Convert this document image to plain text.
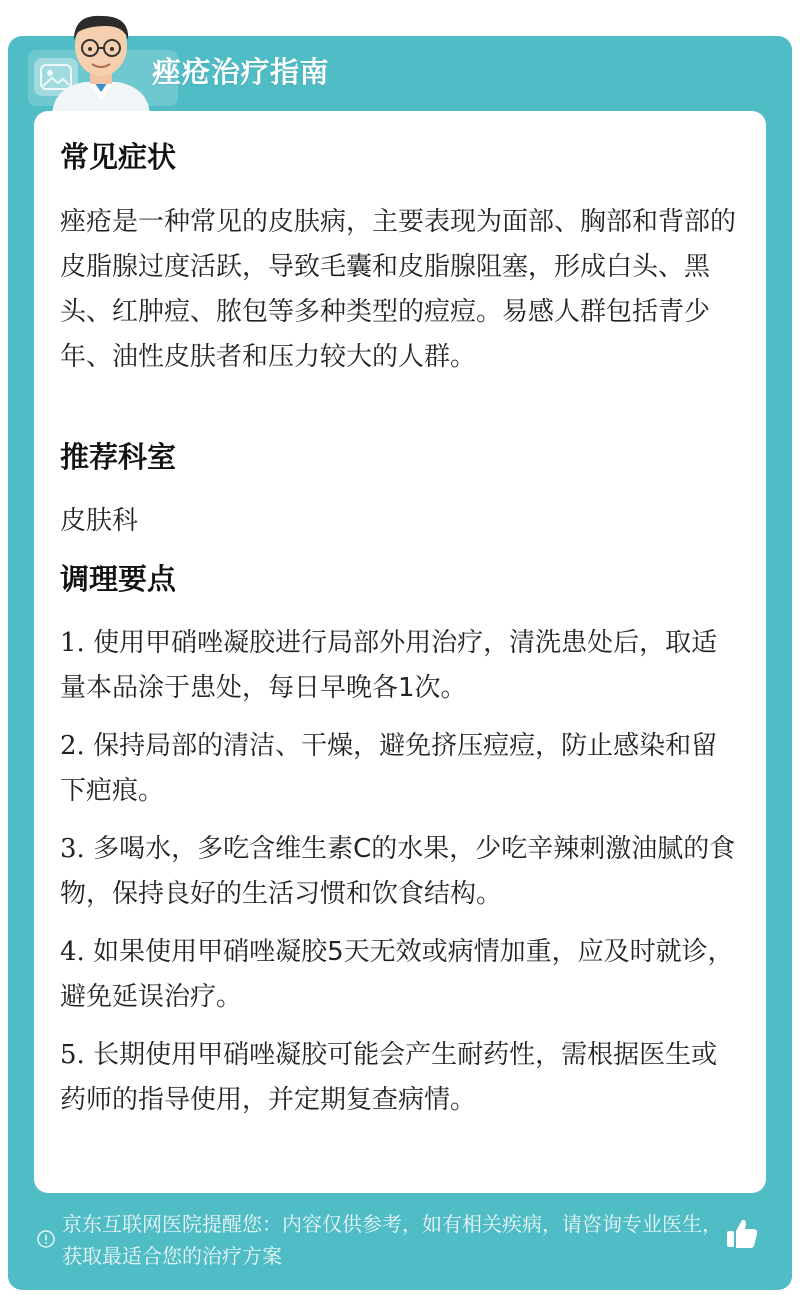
痤疮治疗指南
常见症状

痤疮是一种常见的皮肤病，主要表现为面部、胸部和背部的皮脂腺过度活跃，导致毛囊和皮脂腺阻塞，形成白头、黑头、红肿痘、脓包等多种类型的痘痘。易感人群包括青少年、油性皮肤者和压力较大的人群。

推荐科室

皮肤科

调理要点
1. 使用甲硝唑凝胶进行局部外用治疗，清洗患处后，取适量本品涂于患处，每日早晚各1次。
2. 保持局部的清洁、干燥，避免挤压痘痘，防止感染和留下疤痕。
3. 多喝水，多吃含维生素C的水果，少吃辛辣刺激油腻的食物，保持良好的生活习惯和饮食结构。
4. 如果使用甲硝唑凝胶5天无效或病情加重，应及时就诊，避免延误治疗。
5. 长期使用甲硝唑凝胶可能会产生耐药性，需根据医生或药师的指导使用，并定期复查病情。
京东互联网医院提醒您：内容仅供参考，如有相关疾病，请咨询专业医生，获取最适合您的治疗方案
